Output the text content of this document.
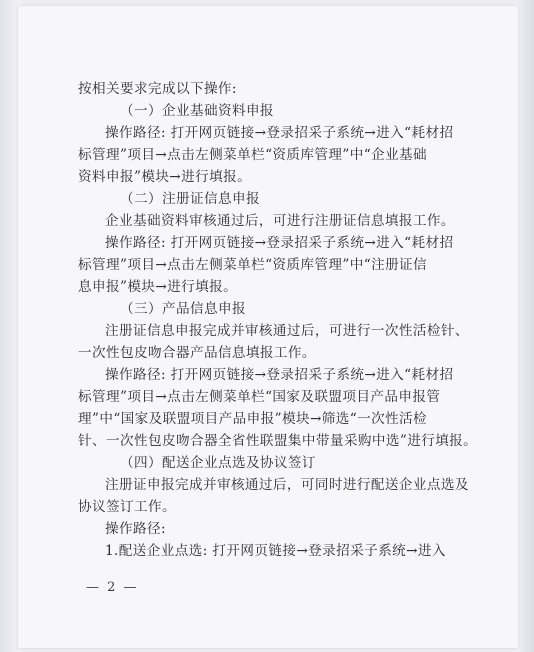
按相关要求完成以下操作:
（一）企业基础资料申报
操作路径: 打开网页链接→登录招采子系统→进入“耗材招
标管理”项目→点击左侧菜单栏“资质库管理”中“企业基础
资料申报”模块→进行填报。
（二）注册证信息申报
企业基础资料审核通过后，可进行注册证信息填报工作。
操作路径: 打开网页链接→登录招采子系统→进入“耗材招
标管理”项目→点击左侧菜单栏“资质库管理”中“注册证信
息申报”模块→进行填报。
（三）产品信息申报
注册证信息申报完成并审核通过后，可进行一次性活检针、
一次性包皮吻合器产品信息填报工作。
操作路径: 打开网页链接→登录招采子系统→进入“耗材招
标管理”项目→点击左侧菜单栏“国家及联盟项目产品申报管
理”中“国家及联盟项目产品申报”模块→筛选“一次性活检
针、一次性包皮吻合器全省性联盟集中带量采购中选”进行填报。
（四）配送企业点选及协议签订
注册证申报完成并审核通过后，可同时进行配送企业点选及
协议签订工作。
操作路径:
1.配送企业点选: 打开网页链接→登录招采子系统→进入
— 2 —
